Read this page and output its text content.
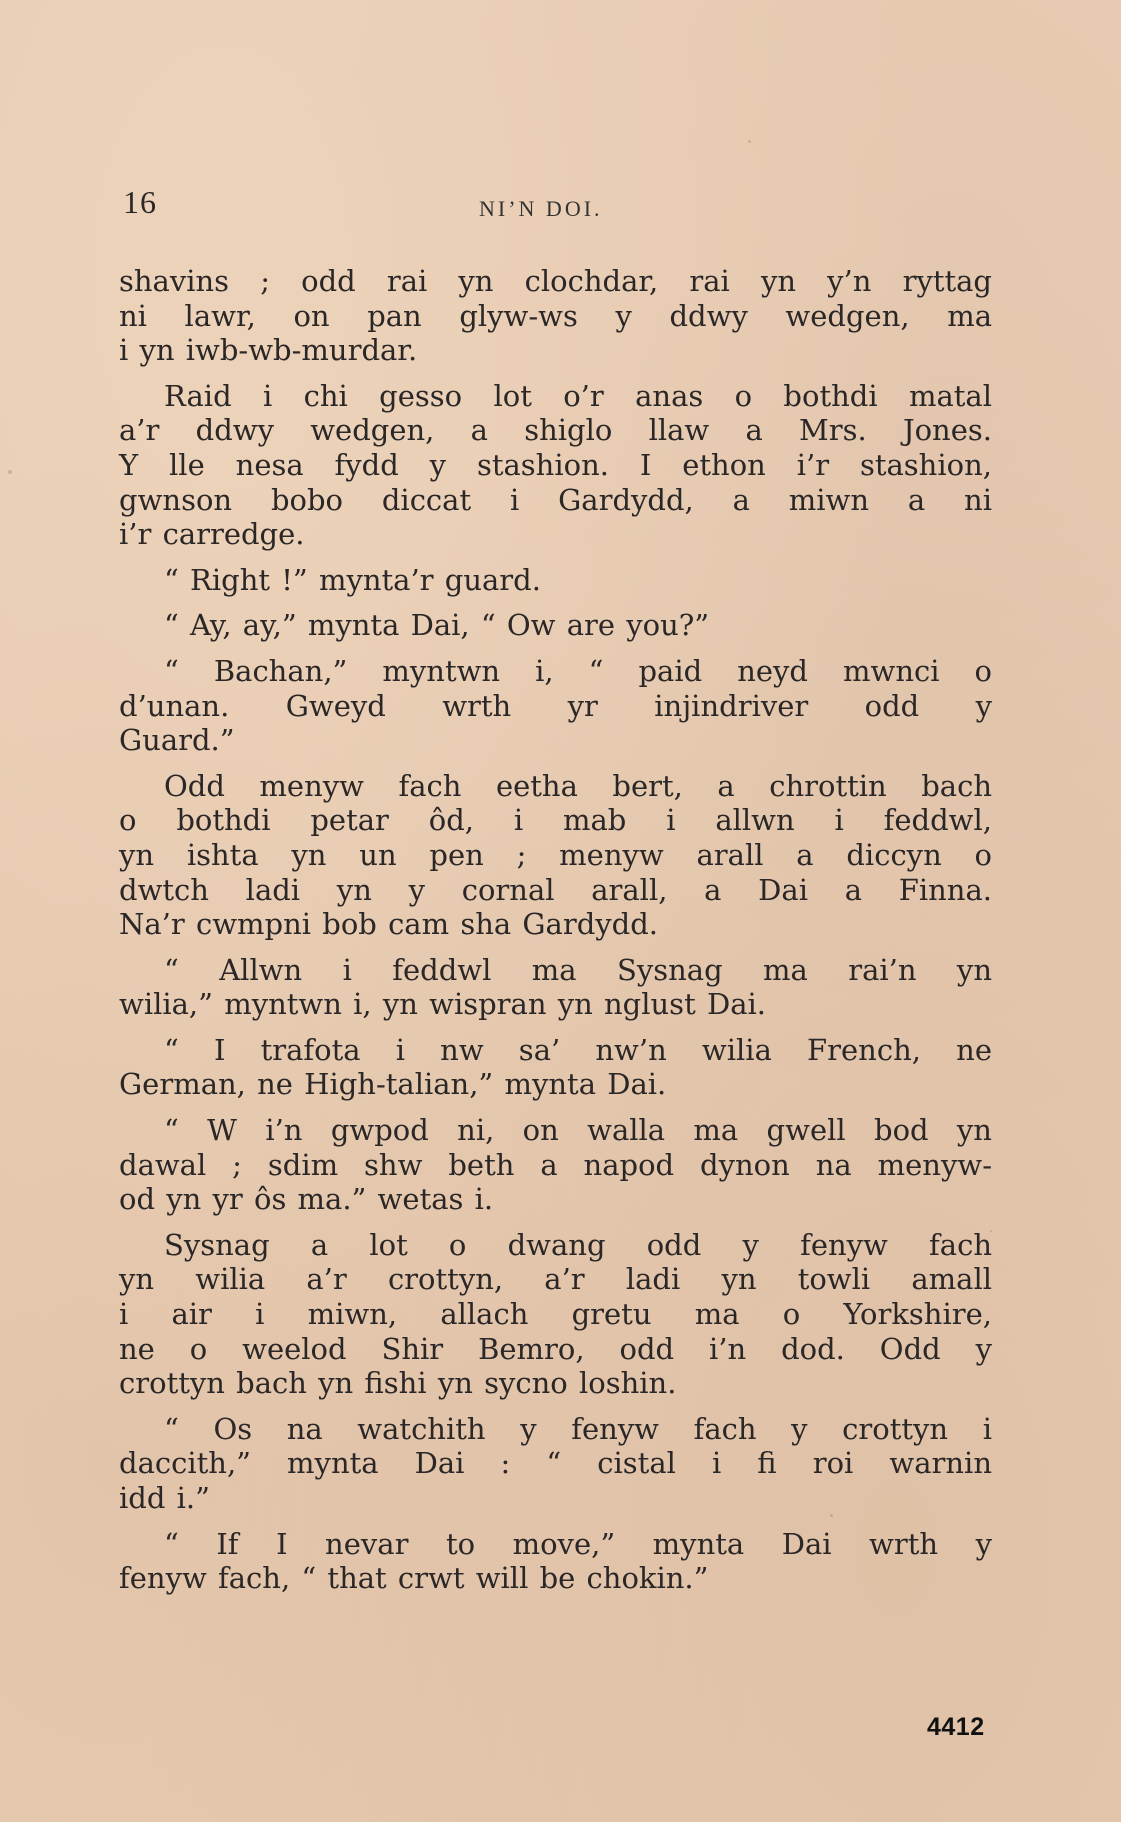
16	NI’N DOI.
shavins ; odd rai yn clochdar, rai yn y’n ryttag
ni lawr, on pan glyw-ws y ddwy wedgen, ma
i yn iwb-wb-murdar.
Raid i chi gesso lot o’r anas o bothdi matal
a’r ddwy wedgen, a shiglo llaw a Mrs. Jones.
Y lle nesa fydd y stashion. I ethon i’r stashion,
gwnson bobo diccat i Gardydd, a miwn a ni
i’r carredge.
“ Right !” mynta’r guard.
“ Ay, ay,” mynta Dai, “ Ow are you?”
“ Bachan,” myntwn i, “ paid neyd mwnci o
d’unan. Gweyd wrth yr injindriver odd y
Guard.”
Odd menyw fach eetha bert, a chrottin bach
o bothdi petar ôd, i mab i allwn i feddwl,
yn ishta yn un pen ; menyw arall a diccyn o
dwtch ladi yn y cornal arall, a Dai a Finna.
Na’r cwmpni bob cam sha Gardydd.
“ Allwn i feddwl ma Sysnag ma rai’n yn
wilia,” myntwn i, yn wispran yn nglust Dai.
“ I trafota i nw sa’ nw’n wilia French, ne
German, ne High-talian,” mynta Dai.
“ W i’n gwpod ni, on walla ma gwell bod yn
dawal ; sdim shw beth a napod dynon na menyw-
od yn yr ôs ma.” wetas i.
Sysnag a lot o dwang odd y fenyw fach
yn wilia a’r crottyn, a’r ladi yn towli amall
i air i miwn, allach gretu ma o Yorkshire,
ne o weelod Shir Bemro, odd i’n dod. Odd y
crottyn bach yn fishi yn sycno loshin.
“ Os na watchith y fenyw fach y crottyn i
daccith,” mynta Dai : “ cistal i fi roi warnin
idd i.”
“ If I nevar to move,” mynta Dai wrth y
fenyw fach, “ that crwt will be chokin.”
4412
